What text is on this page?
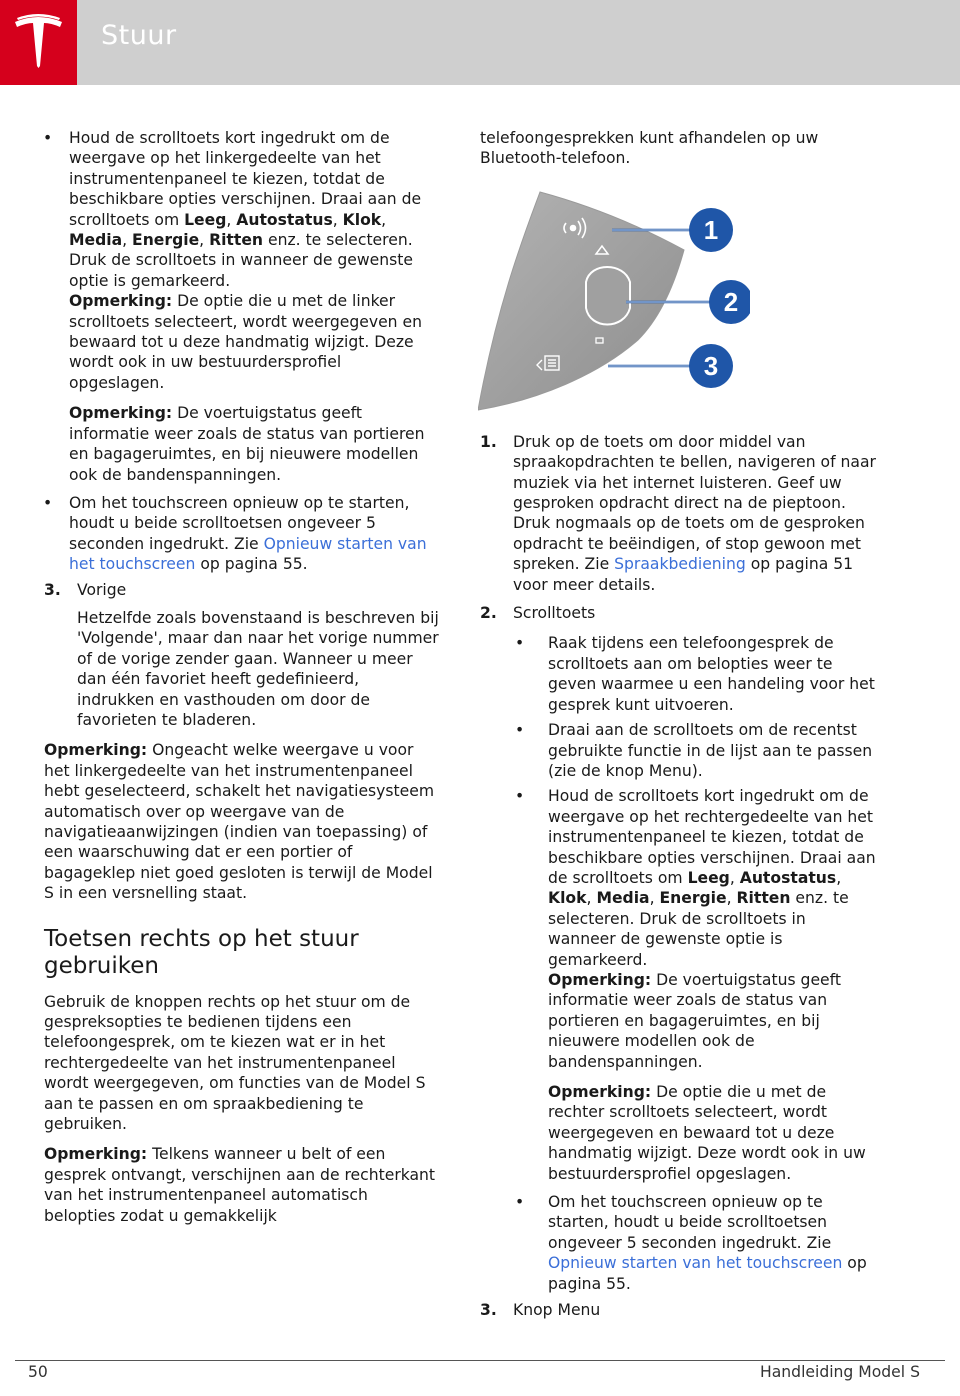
Stuur
• Houd de scrolltoets kort ingedrukt om de weergave op het linkergedeelte van het instrumentenpaneel te kiezen, totdat de beschikbare opties verschijnen. Draai aan de scrolltoets om Leeg, Autostatus, Klok, Media, Energie, Ritten enz. te selecteren. Druk de scrolltoets in wanneer de gewenste optie is gemarkeerd.

Opmerking: De optie die u met de linker scrolltoets selecteert, wordt weergegeven en bewaard tot u deze handmatig wijzigt. Deze wordt ook in uw bestuurdersprofiel opgeslagen.

Opmerking: De voertuigstatus geeft informatie weer zoals de status van portieren en bagageruimtes, en bij nieuwere modellen ook de bandenspanningen.

• Om het touchscreen opnieuw op te starten, houdt u beide scrolltoetsen ongeveer 5 seconden ingedrukt. Zie Opnieuw starten van het touchscreen op pagina 55.
3. Vorige
Hetzelfde zoals bovenstaand is beschreven bij 'Volgende', maar dan naar het vorige nummer of de vorige zender gaan. Wanneer u meer dan één favoriet heeft gedefinieerd, indrukken en vasthouden om door de favorieten te bladeren.

Opmerking: Ongeacht welke weergave u voor het linkergedeelte van het instrumentenpaneel hebt geselecteerd, schakelt het navigatiesysteem automatisch over op weergave van de navigatieaanwijzingen (indien van toepassing) of een waarschuwing dat er een portier of bagageklep niet goed gesloten is terwijl de Model S in een versnelling staat.

Toetsen rechts op het stuur gebruiken

Gebruik de knoppen rechts op het stuur om de gespreksopties te bedienen tijdens een telefoongesprek, om te kiezen wat er in het rechtergedeelte van het instrumentenpaneel wordt weergegeven, om functies van de Model S aan te passen en om spraakbediening te gebruiken.

Opmerking: Telkens wanneer u belt of een gesprek ontvangt, verschijnen aan de rechterkant van het instrumentenpaneel automatisch belopties zodat u gemakkelijk

1
2
3

telefoongesprekken kunt afhandelen op uw Bluetooth-telefoon.

1. Druk op de toets om door middel van spraakopdrachten te bellen, navigeren of naar muziek via het internet luisteren. Geef uw gesproken opdracht direct na de pieptoon. Druk nogmaals op de toets om de gesproken opdracht te beëindigen, of stop gewoon met spreken. Zie Spraakbediening op pagina 51 voor meer details.
2. Scrolltoets
• Raak tijdens een telefoongesprek de scrolltoets aan om belopties weer te geven waarmee u een handeling voor het gesprek kunt uitvoeren.
• Draai aan de scrolltoets om de recentst gebruikte functie in de lijst aan te passen (zie de knop Menu).
• Houd de scrolltoets kort ingedrukt om de weergave op het rechtergedeelte van het instrumentenpaneel te kiezen, totdat de beschikbare opties verschijnen. Draai aan de scrolltoets om Leeg, Autostatus, Klok, Media, Energie, Ritten enz. te selecteren. Druk de scrolltoets in wanneer de gewenste optie is gemarkeerd.

Opmerking: De voertuigstatus geeft informatie weer zoals de status van portieren en bagageruimtes, en bij nieuwere modellen ook de bandenspanningen.

Opmerking: De optie die u met de rechter scrolltoets selecteert, wordt weergegeven en bewaard tot u deze handmatig wijzigt. Deze wordt ook in uw bestuurdersprofiel opgeslagen.

• Om het touchscreen opnieuw op te starten, houdt u beide scrolltoetsen ongeveer 5 seconden ingedrukt. Zie Opnieuw starten van het touchscreen op pagina 55.
3. Knop Menu
50	Handleiding Model S
